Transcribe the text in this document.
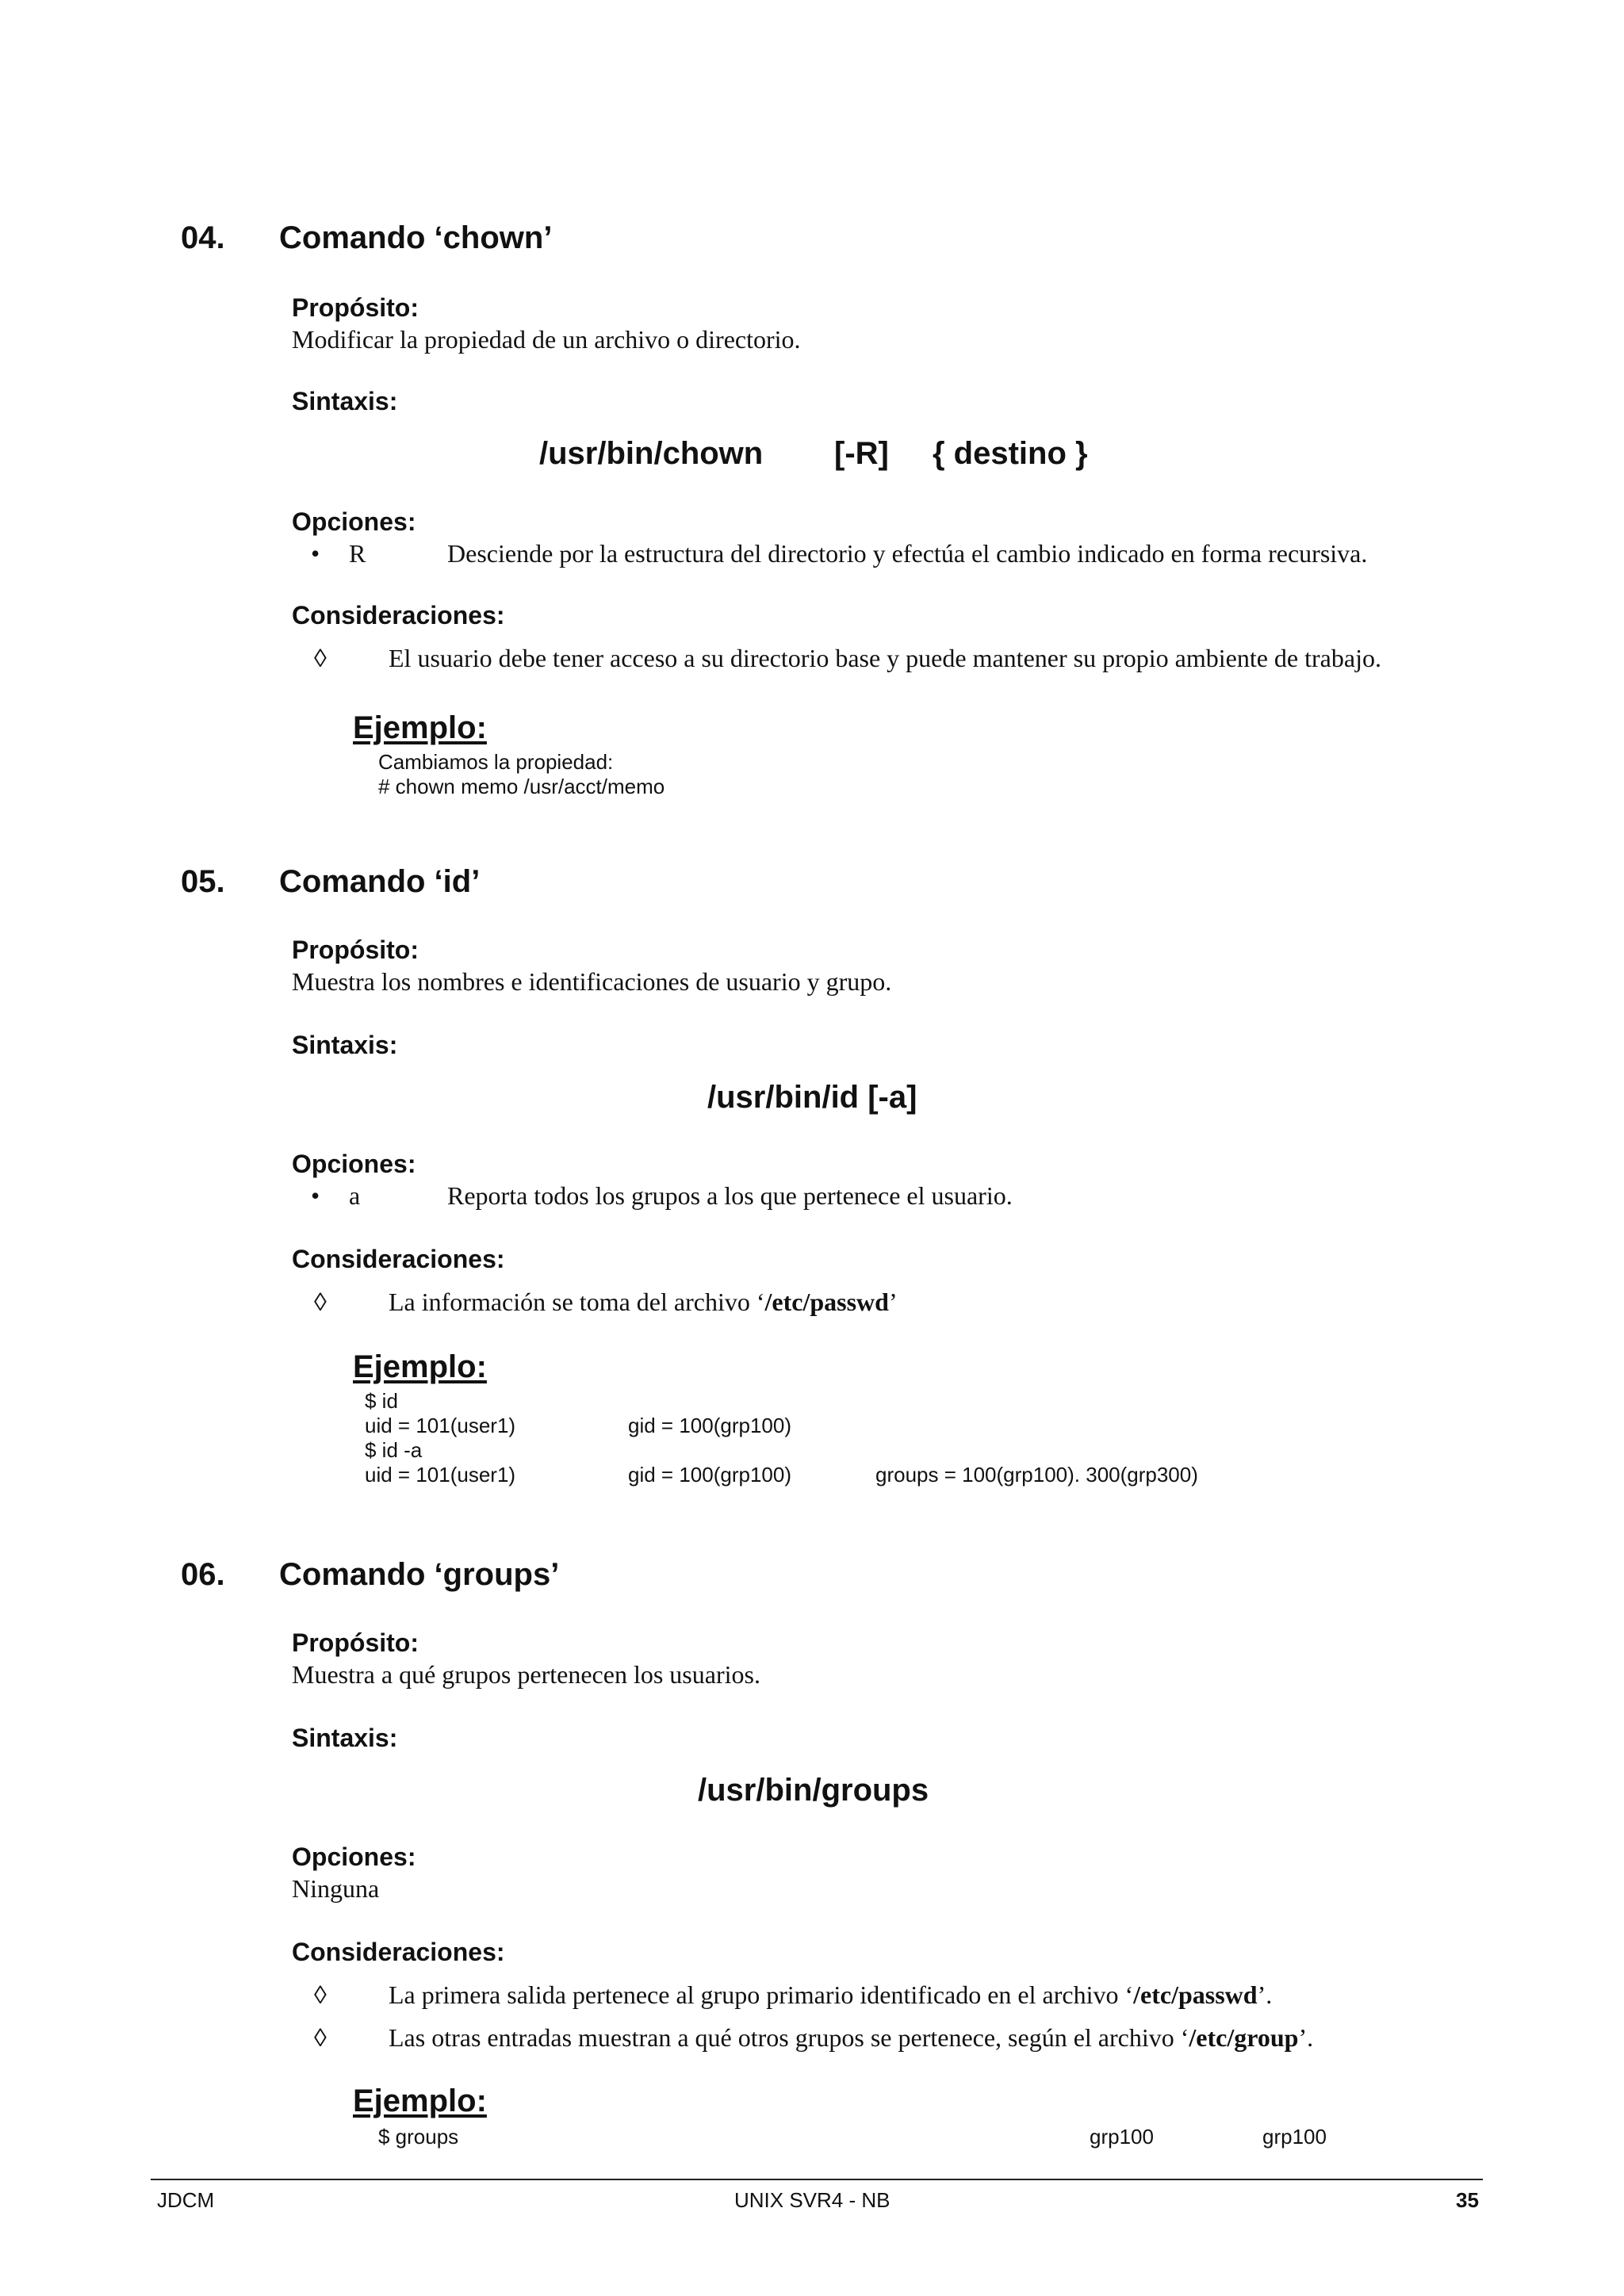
04. Comando ‘chown’
Propósito:
Modificar la propiedad de un archivo o directorio.
Sintaxis:
/usr/bin/chown [-R] { destino }
Opciones:
• R	Desciende por la estructura del directorio y efectúa el cambio indicado en forma recursiva.
Consideraciones:
◊ El usuario debe tener acceso a su directorio base y puede mantener su propio ambiente de trabajo.
Ejemplo:
Cambiamos la propiedad:
# chown memo /usr/acct/memo
05. Comando ‘id’
Propósito:
Muestra los nombres e identificaciones de usuario y grupo.
Sintaxis:
/usr/bin/id [-a]
Opciones:
• a	Reporta todos los grupos a los que pertenece el usuario.
Consideraciones:
◊ La información se toma del archivo ‘/etc/passwd’
Ejemplo:
$ id
uid = 101(user1)	gid = 100(grp100)
$ id -a
uid = 101(user1)	gid = 100(grp100)	groups = 100(grp100). 300(grp300)
06. Comando ‘groups’
Propósito:
Muestra a qué grupos pertenecen los usuarios.
Sintaxis:
/usr/bin/groups
Opciones:
Ninguna
Consideraciones:
◊ La primera salida pertenece al grupo primario identificado en el archivo ‘/etc/passwd’.
◊ Las otras entradas muestran a qué otros grupos se pertenece, según el archivo ‘/etc/group’.
Ejemplo:
$ groups	grp100	grp100
JDCM	UNIX SVR4 - NB	35
